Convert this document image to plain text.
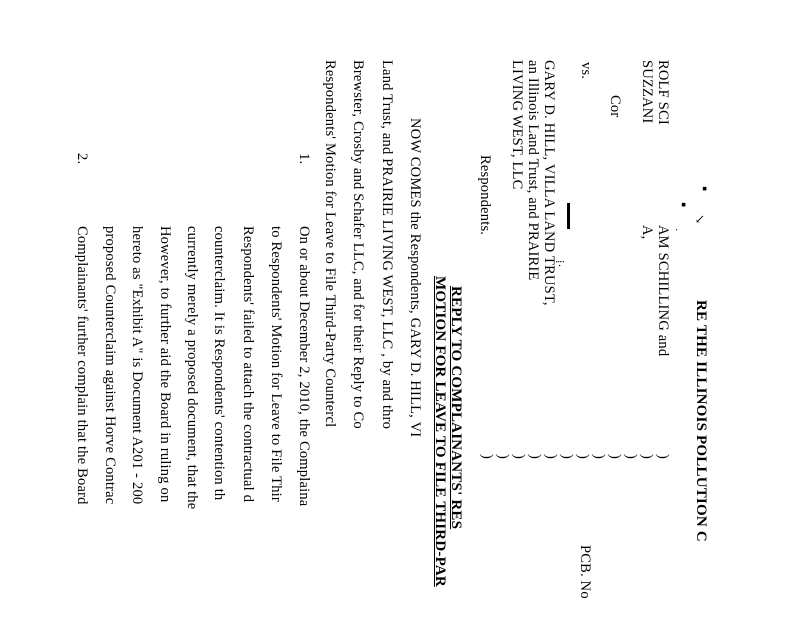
RE THE ILLINOIS POLLUTION C
▪
▪
↘
·
ROLF SCI
AM SCHILLING and
SUZZANI
A,
Cor
vs.
⁞·
GARY D. HILL, VILLA LAND TRUST,
an Illinois Land Trust, and PRAIRIE
LIVING WEST, LLC
Respondents.
)
)
)
)
)
)
)
)
)
)
)
)
PCB. No
REPLY TO COMPLAINANTS' RES
MOTION FOR LEAVE TO FILE THIRD-PAR
NOW COMES the Respondents, GARY D. HILL, VI
Land Trust, and PRAIRIE LIVING WEST, LLC , by and thro
Brewster, Crosby and Schafer LLC, and for their Reply to Co
Respondents' Motion for Leave to File Third-Party Countercl
1.
On or about December 2, 2010, the Complaina
to Respondents' Motion for Leave to File Thir
Respondents' failed to attach the contractual d
counterclaim. It is Respondents' contention th
currently merely a proposed document, that the
However, to further aid the Board in ruling on
hereto as "Exhibit A" is Document A201 - 200
proposed Counterclaim against Horve Contrac
Complainants' further complain that the Board
2.
